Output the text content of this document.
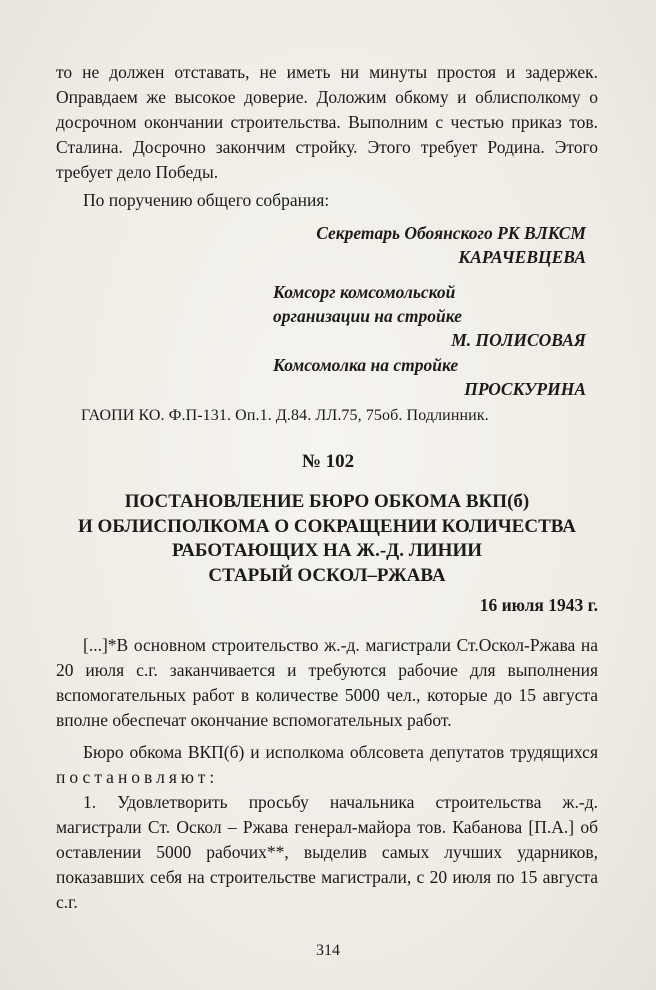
то не должен отставать, не иметь ни минуты простоя и задержек. Оправдаем же высокое доверие. Доложим обкому и облисполкому о досрочном окончании строительства. Выполним с честью приказ тов. Сталина. Досрочно закончим стройку. Этого требует Родина. Этого требует дело Победы.

По поручению общего собрания:

Секретарь Обоянского РК ВЛКСМ

КАРАЧЕВЦЕВА

Комсорг комсомольской

организации на стройке

М. ПОЛИСОВАЯ

Комсомолка на стройке

ПРОСКУРИНА

ГАОПИ КО. Ф.П-131. Оп.1. Д.84. ЛЛ.75, 75об. Подлинник.

№ 102
ПОСТАНОВЛЕНИЕ БЮРО ОБКОМА ВКП(б)
И ОБЛИСПОЛКОМА О СОКРАЩЕНИИ КОЛИЧЕСТВА
РАБОТАЮЩИХ НА Ж.-Д. ЛИНИИ
СТАРЫЙ ОСКОЛ–РЖАВА
16 июля 1943 г.

[...]*В основном строительство ж.-д. магистрали Ст.Оскол-Ржава на 20 июля с.г. заканчивается и требуются рабочие для выполнения вспомогательных работ в количестве 5000 чел., которые до 15 августа вполне обеспечат окончание вспомогательных работ.

Бюро обкома ВКП(б) и исполкома облсовета депутатов трудящихся постановляют:

1. Удовлетворить просьбу начальника строительства ж.-д. магистрали Ст. Оскол – Ржава генерал-майора тов. Кабанова [П.А.] об оставлении 5000 рабочих**, выделив самых лучших ударников, показавших себя на строительстве магистрали, с 20 июля по 15 августа с.г.

314
